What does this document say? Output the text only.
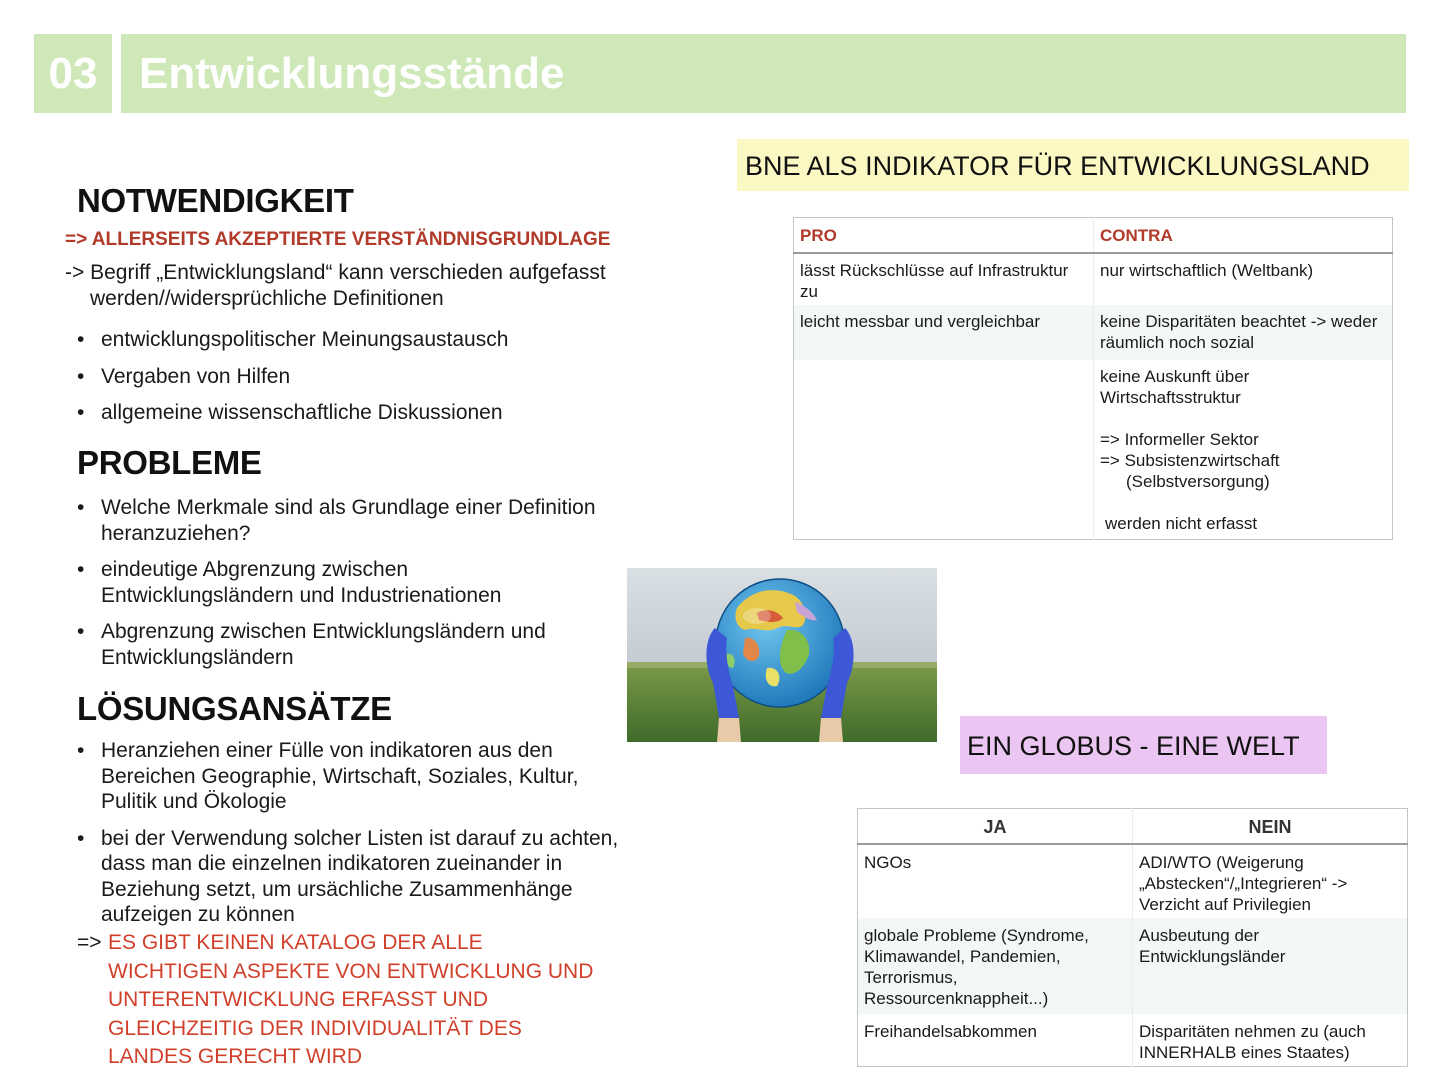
03 Entwicklungsstände
NOTWENDIGKEIT
=> ALLERSEITS AKZEPTIERTE VERSTÄNDNISGRUNDLAGE
-> Begriff „Entwicklungsland“ kann verschieden aufgefasst
werden//widersprüchliche Definitionen
• entwicklungspolitischer Meinungsaustausch
• Vergaben von Hilfen
• allgemeine wissenschaftliche Diskussionen
PROBLEME
• Welche Merkmale sind als Grundlage einer Definition heranzuziehen?
• eindeutige Abgrenzung zwischen Entwicklungsländern und Industrienationen
• Abgrenzung zwischen Entwicklungsländern und Entwicklungsländern
LÖSUNGSANSÄTZE
• Heranziehen einer Fülle von indikatoren aus den Bereichen Geographie, Wirtschaft, Soziales, Kultur, Pulitik und Ökologie
• bei der Verwendung solcher Listen ist darauf zu achten, dass man die einzelnen indikatoren zueinander in Beziehung setzt, um ursächliche Zusammenhänge aufzeigen zu können
=> ES GIBT KEINEN KATALOG DER ALLE
WICHTIGEN ASPEKTE VON ENTWICKLUNG UND
UNTERENTWICKLUNG ERFASST UND
GLEICHZEITIG DER INDIVIDUALITÄT DES
LANDES GERECHT WIRD
BNE ALS INDIKATOR FÜR ENTWICKLUNGSLAND
PRO	CONTRA
lässt Rückschlüsse auf Infrastruktur zu	nur wirtschaftlich (Weltbank)
leicht messbar und vergleichbar	keine Disparitäten beachtet -> weder räumlich noch sozial

	keine Auskunft über Wirtschaftsstruktur
=> Informeller Sektor
=> Subsistenzwirtschaft
(Selbstversorgung)
werden nicht erfasst
EIN GLOBUS - EINE WELT
JA	NEIN
NGOs	ADI/WTO (Weigerung „Abstecken“/„Integrieren“ -> Verzicht auf Privilegien
globale Probleme (Syndrome, Klimawandel, Pandemien, Terrorismus, Ressourcenknappheit...)	Ausbeutung der Entwicklungsländer
Freihandelsabkommen	Disparitäten nehmen zu (auch INNERHALB eines Staates)
